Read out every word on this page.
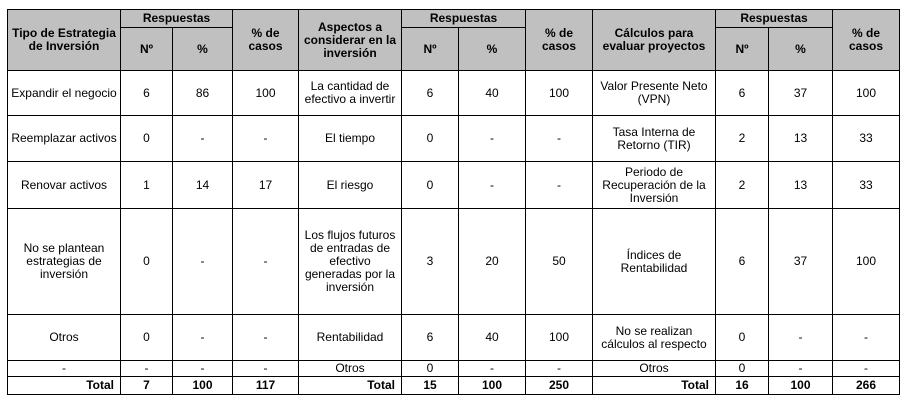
Tipo de Estrategia de Inversión	Respuestas		% de casos	Aspectos a considerar en la inversión	Respuestas		% de casos	Cálculos para evaluar proyectos	Respuestas		% de casos
	Nº	%			Nº	%			Nº	%	
Expandir el negocio	6	86	100	La cantidad de efectivo a invertir	6	40	100	Valor Presente Neto (VPN)	6	37	100
Reemplazar activos	0	-	-	El tiempo	0	-	-	Tasa Interna de Retorno (TIR)	2	13	33
Renovar activos	1	14	17	El riesgo	0	-	-	Periodo de Recuperación de la Inversión	2	13	33
No se plantean estrategias de inversión	0	-	-	Los flujos futuros de entradas de efectivo generadas por la inversión	3	20	50	Índices de Rentabilidad	6	37	100
Otros	0	-	-	Rentabilidad	6	40	100	No se realizan cálculos al respecto	0	-	-
-	-	-	-	Otros	0	-	-	Otros	0	-	-
Total	7	100	117	Total	15	100	250	Total	16	100	266
